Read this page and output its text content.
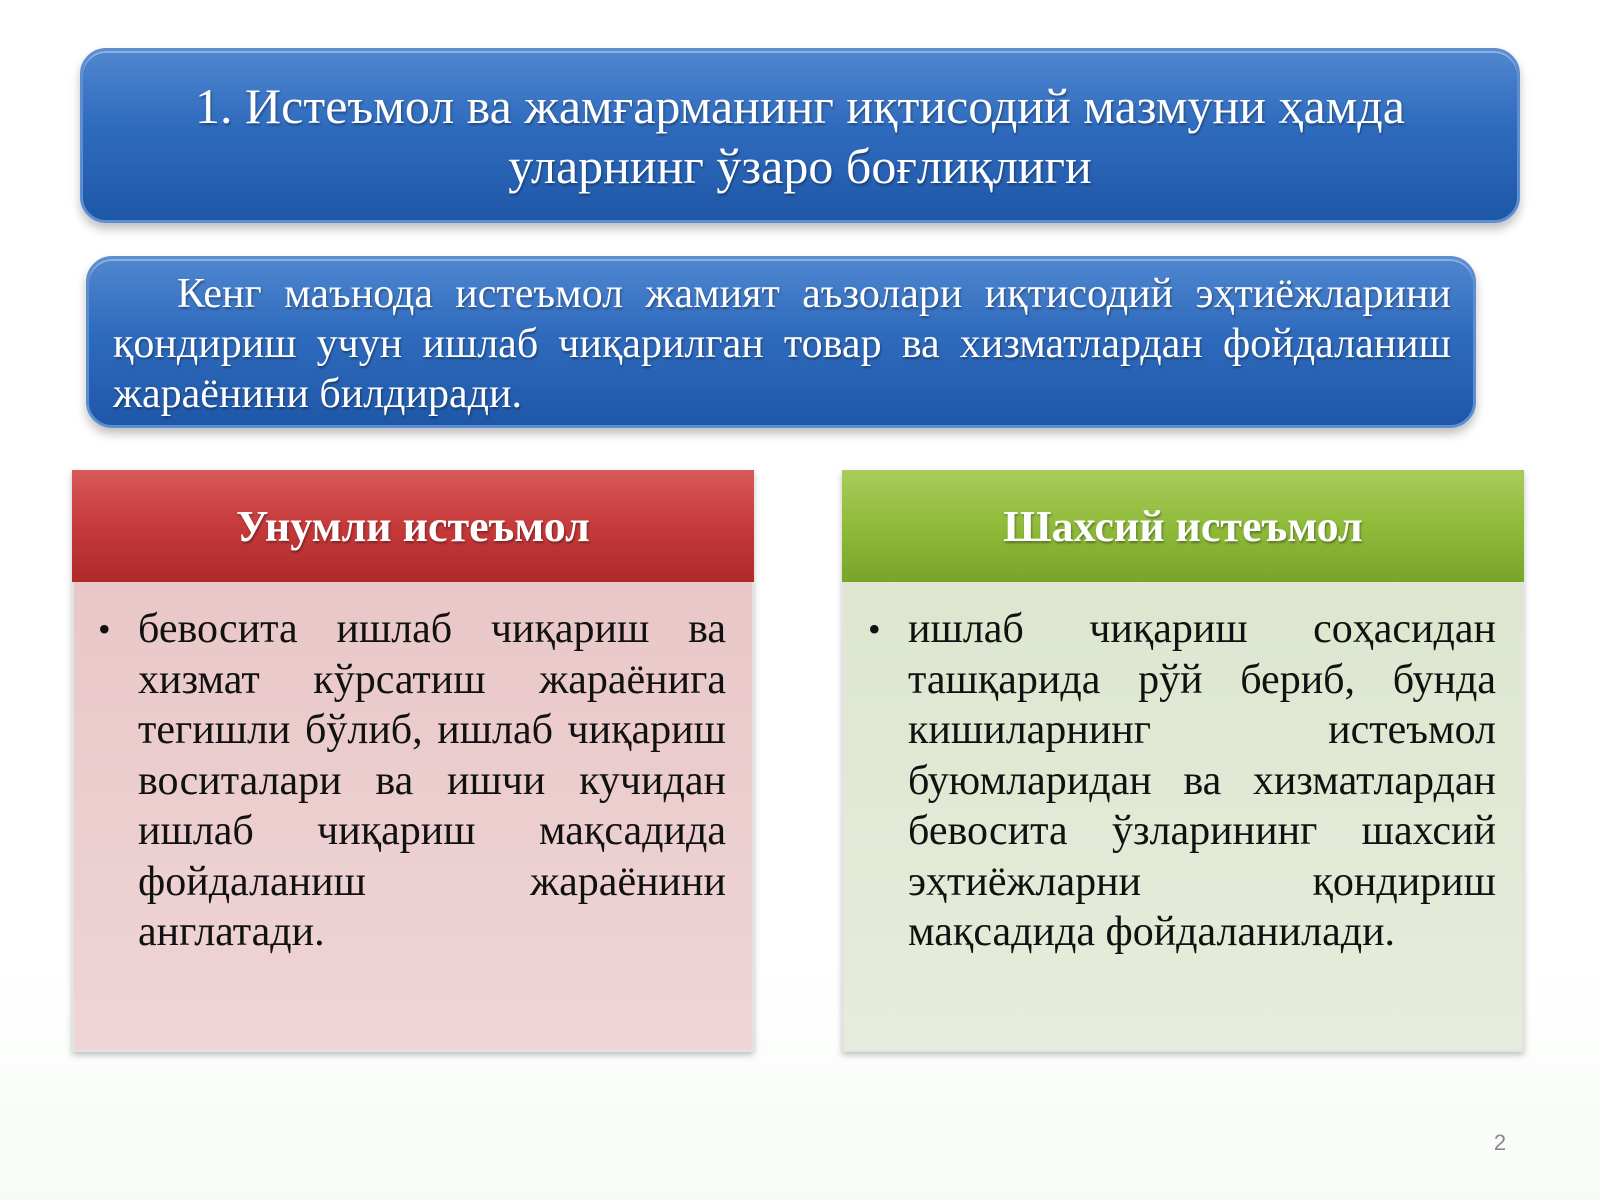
1. Истеъмол ва жамғарманинг иқтисодий мазмуни ҳамда уларнинг ўзаро боғлиқлиги
Кенг маънода истеъмол жамият аъзолари иқтисодий эҳтиёжларини қондириш учун ишлаб чиқарилган товар ва хизматлардан фойдаланиш жараёнини билдиради.
Унумли истеъмол
• бевосита ишлаб чиқариш ва хизмат кўрсатиш жараёнига тегишли бўлиб, ишлаб чиқариш воситалари ва ишчи кучидан ишлаб чиқариш мақсадида фойдаланиш жараёнини англатади.
Шахсий истеъмол
• ишлаб чиқариш соҳасидан ташқарида рўй бериб, бунда кишиларнинг истеъмол буюмларидан ва хизматлардан бевосита ўзларининг шахсий эҳтиёжларни қондириш мақсадида фойдаланилади.
2
